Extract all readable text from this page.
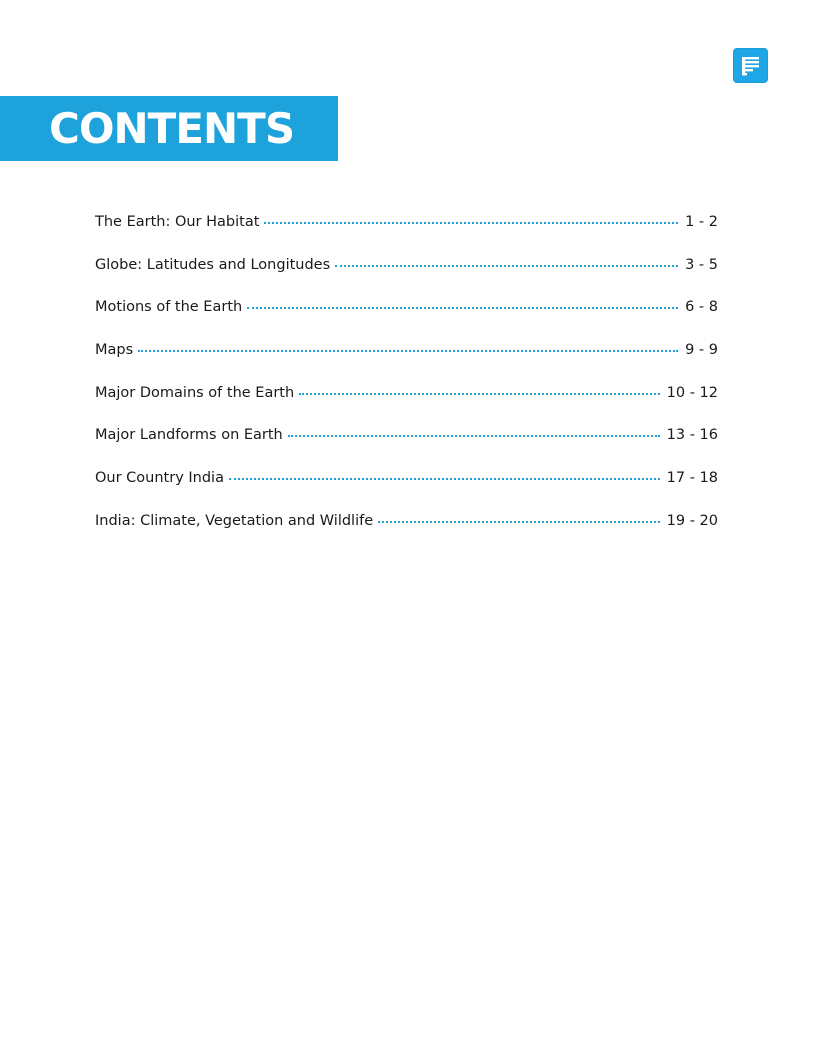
CONTENTS
The Earth: Our Habitat	1 - 2
Globe: Latitudes and Longitudes	3 - 5
Motions of the Earth	6 - 8
Maps	9 - 9
Major Domains of the Earth	10 - 12
Major Landforms on Earth	13 - 16
Our Country India	17 - 18
India: Climate, Vegetation and Wildlife	19 - 20
